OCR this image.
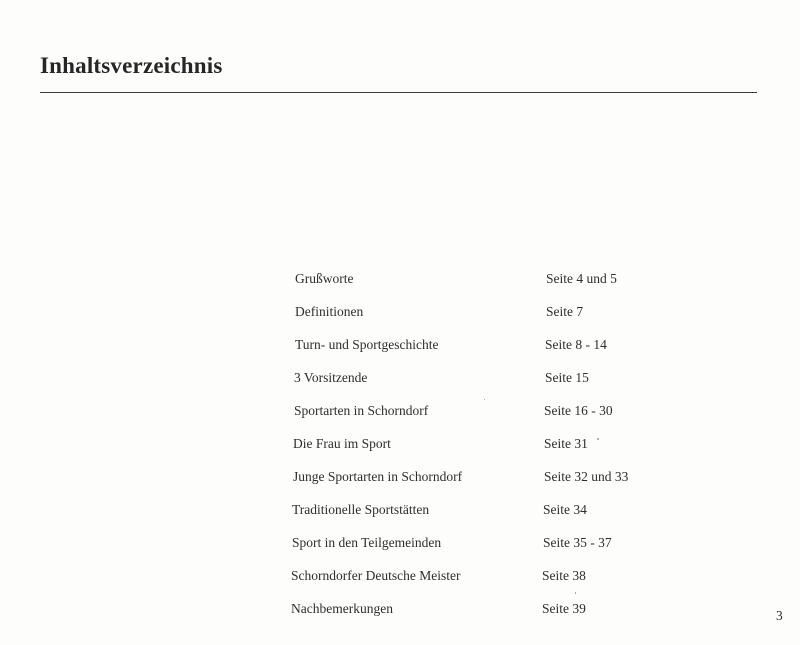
Inhaltsverzeichnis
Grußworte	Seite 4 und 5
Definitionen	Seite 7
Turn- und Sportgeschichte	Seite 8 - 14
3 Vorsitzende	Seite 15
Sportarten in Schorndorf	Seite 16 - 30
Die Frau im Sport	Seite 31
Junge Sportarten in Schorndorf	Seite 32 und 33
Traditionelle Sportstätten	Seite 34
Sport in den Teilgemeinden	Seite 35 - 37
Schorndorfer Deutsche Meister	Seite 38
Nachbemerkungen	Seite 39	3
